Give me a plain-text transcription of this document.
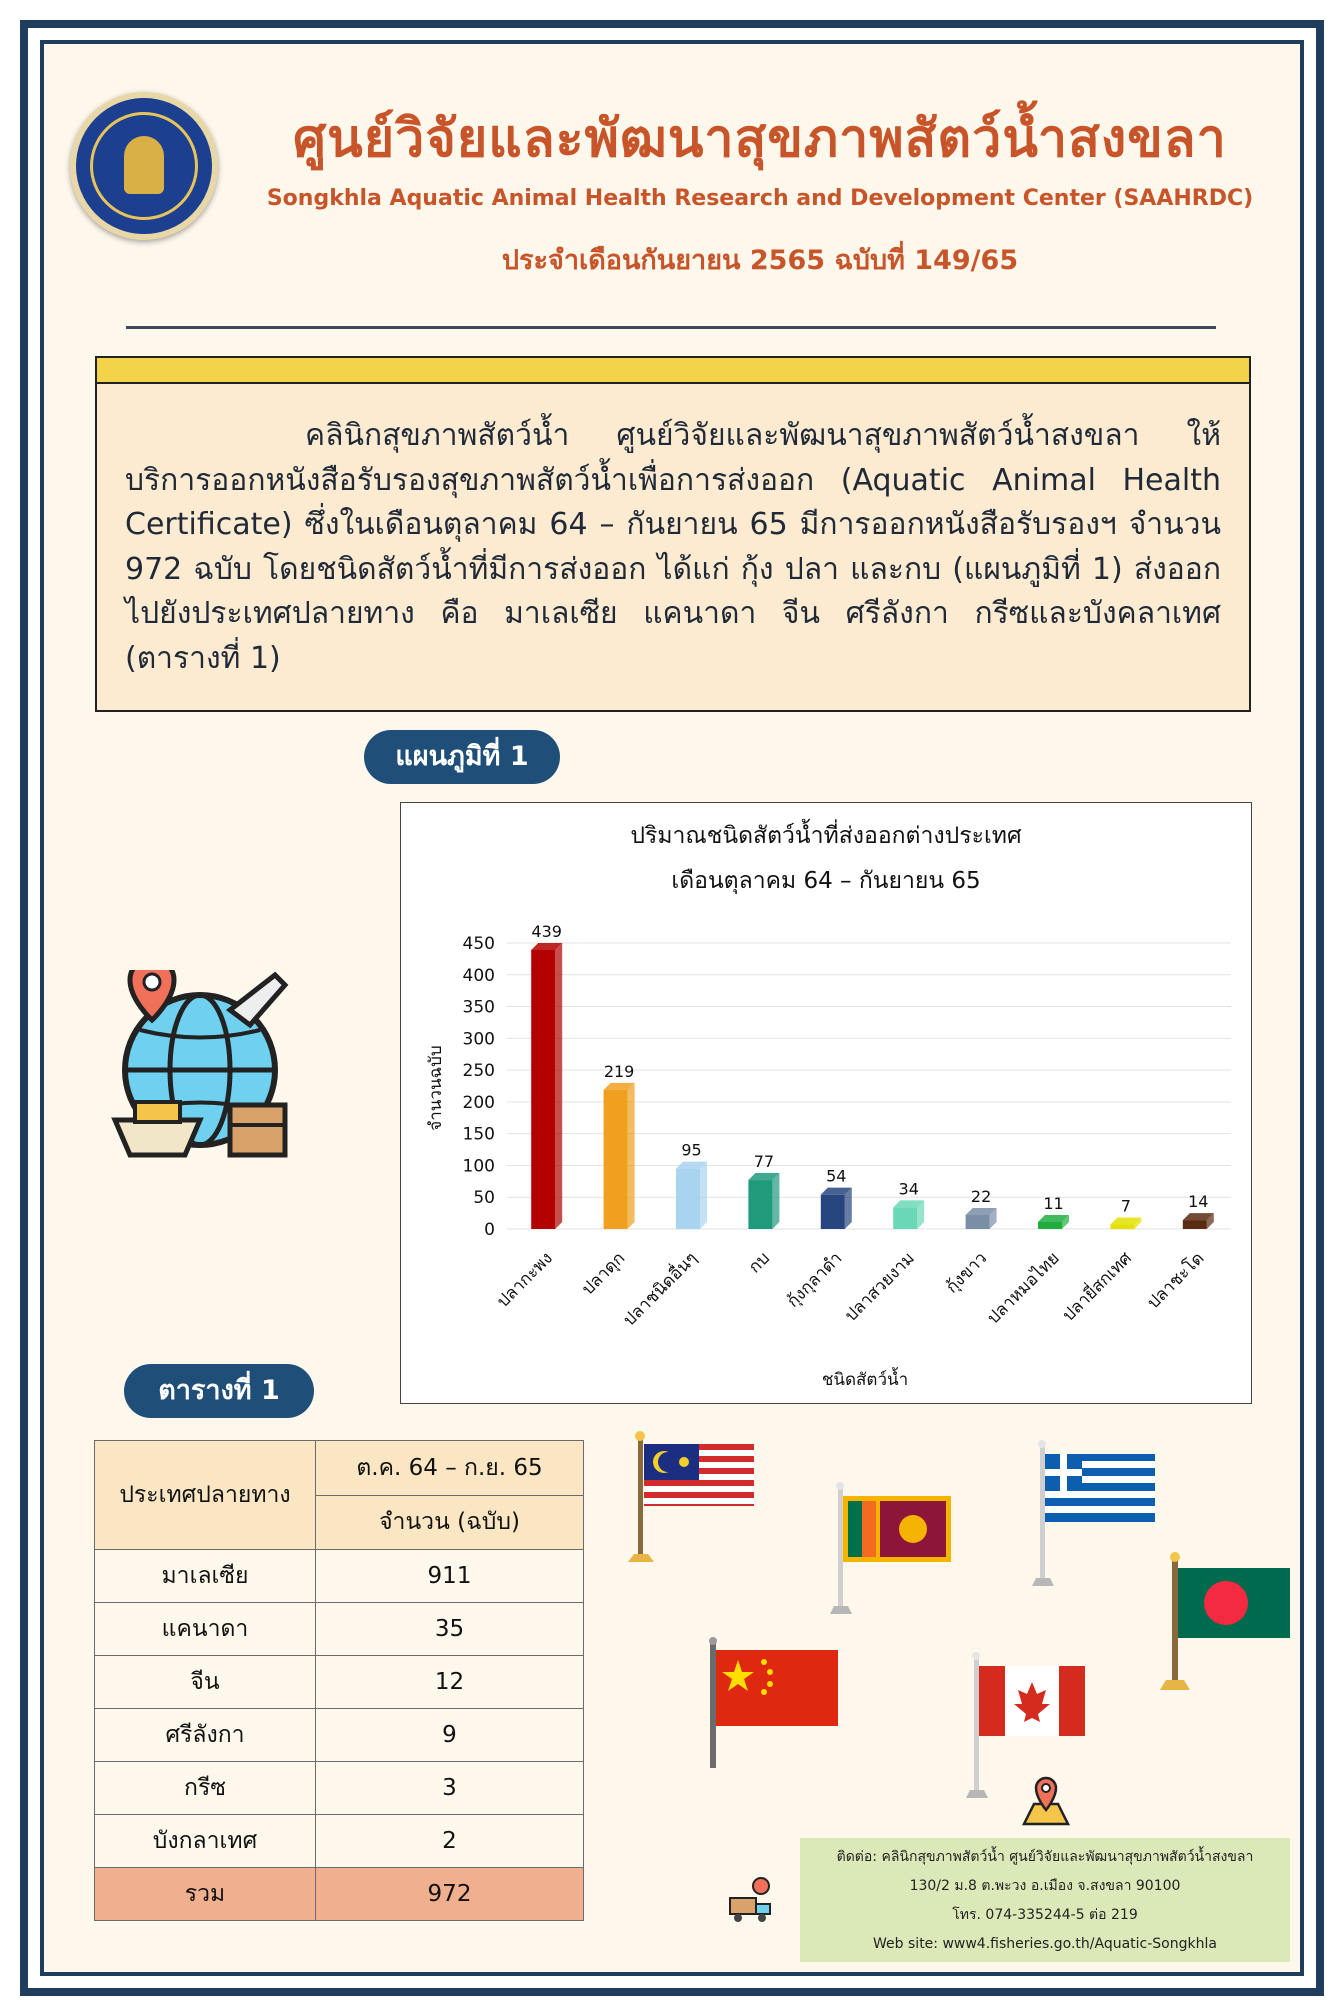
ศูนย์วิจัยและพัฒนาสุขภาพสัตว์น้ำสงขลา
Songkhla Aquatic Animal Health Research and Development Center (SAAHRDC)
ประจำเดือนกันยายน 2565 ฉบับที่ 149/65
คลินิกสุขภาพสัตว์น้ำ ศูนย์วิจัยและพัฒนาสุขภาพสัตว์น้ำสงขลา ให้บริการออกหนังสือรับรองสุขภาพสัตว์น้ำเพื่อการส่งออก (Aquatic Animal Health Certificate) ซึ่งในเดือนตุลาคม 64 – กันยายน 65 มีการออกหนังสือรับรองฯ จำนวน 972 ฉบับ โดยชนิดสัตว์น้ำที่มีการส่งออก ได้แก่ กุ้ง ปลา และกบ (แผนภูมิที่ 1) ส่งออกไปยังประเทศปลายทาง คือ มาเลเซีย แคนาดา จีน ศรีลังกา กรีซและบังคลาเทศ (ตารางที่ 1)
แผนภูมิที่ 1
ปริมาณชนิดสัตว์น้ำที่ส่งออกต่างประเทศ
เดือนตุลาคม 64 – กันยายน 65
จำนวนฉบับ
ชนิดสัตว์น้ำ
0
50
100
150
200
250
300
350
400
450
439
219
95
77
54
34	22	11	7	14
ปลากะพง ปลาดุก
ปลาชนิดอื่นๆ	กบ กุ้งกุลาดำ
ปลาสวยงาม กุ้งขาว
ปลาหมอไทย
ปลายี่สกเทศ ปลาชะโด
ตารางที่ 1
ประเทศปลายทาง	ต.ค. 64 – ก.ย. 65
	จำนวน (ฉบับ)
มาเลเซีย	911
แคนาดา	35
จีน	12
ศรีลังกา	9
กรีซ	3
บังกลาเทศ	2
รวม	972
ติดต่อ: คลินิกสุขภาพสัตว์น้ำ ศูนย์วิจัยและพัฒนาสุขภาพสัตว์น้ำสงขลา
130/2 ม.8 ต.พะวง อ.เมือง จ.สงขลา 90100
โทร. 074-335244-5 ต่อ 219
Web site: www4.fisheries.go.th/Aquatic-Songkhla
